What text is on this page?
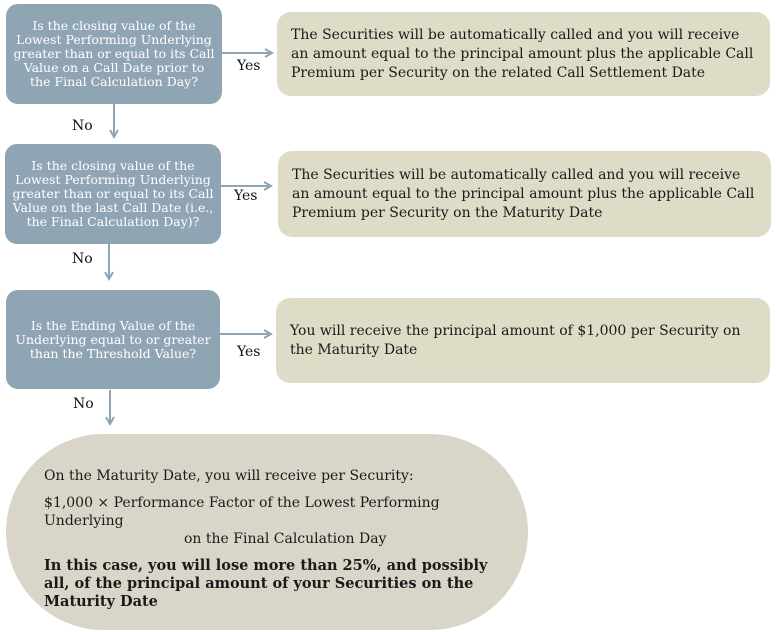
Is the closing value of the Lowest Performing Underlying greater than or equal to its Call Value on a Call Date prior to the Final Calculation Day?
The Securities will be automatically called and you will receive an amount equal to the principal amount plus the applicable Call Premium per Security on the related Call Settlement Date
Yes
No
Is the closing value of the Lowest Performing Underlying greater than or equal to its Call Value on the last Call Date (i.e., the Final Calculation Day)?
The Securities will be automatically called and you will receive an amount equal to the principal amount plus the applicable Call Premium per Security on the Maturity Date
Yes
No
Is the Ending Value of the Underlying equal to or greater than the Threshold Value?
You will receive the principal amount of $1,000 per Security on the Maturity Date
Yes
No

On the Maturity Date, you will receive per Security:

$1,000 × Performance Factor of the Lowest Performing Underlying
on the Final Calculation Day

In this case, you will lose more than 25%, and possibly all, of the principal amount of your Securities on the Maturity Date
